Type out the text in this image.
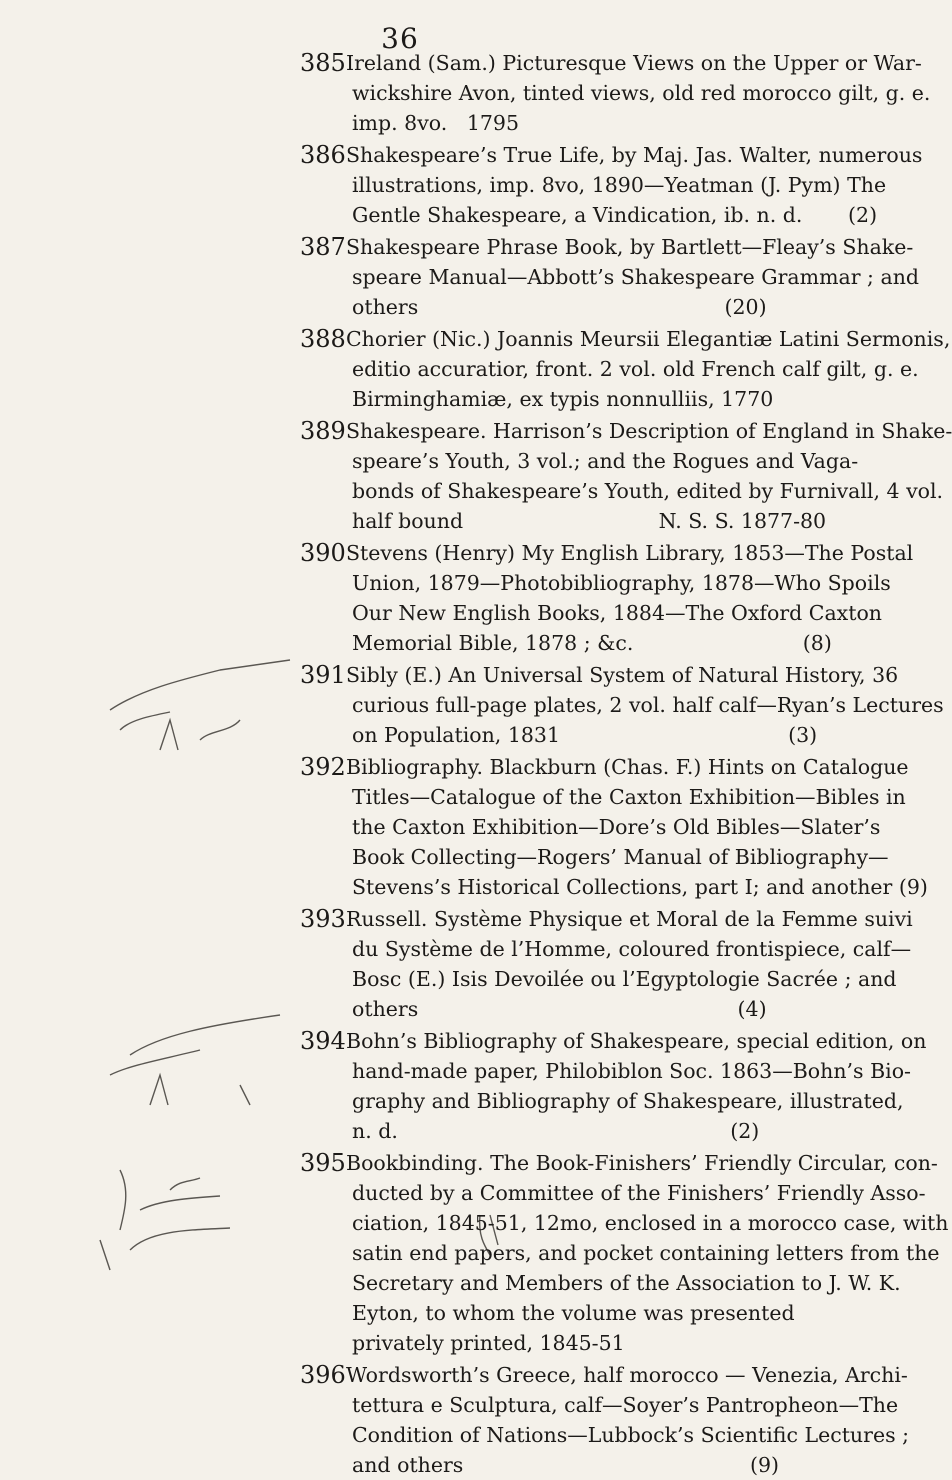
36
385 Ireland (Sam.) Picturesque Views on the Upper or War-
wickshire Avon, tinted views, old red morocco gilt, g. e.
imp. 8vo.   1795
386 Shakespeare’s True Life, by Maj. Jas. Walter, numerous
illustrations, imp. 8vo, 1890—Yeatman (J. Pym) The
Gentle Shakespeare, a Vindication, ib. n. d.       (2)
387 Shakespeare Phrase Book, by Bartlett—Fleay’s Shake-
speare Manual—Abbott’s Shakespeare Grammar ; and
others                                               (20)
388 Chorier (Nic.) Joannis Meursii Elegantiæ Latini Sermonis,
editio accuratior, front. 2 vol. old French calf gilt, g. e.
Birminghamiæ, ex typis nonnulliis, 1770
389 Shakespeare. Harrison’s Description of England in Shake-
speare’s Youth, 3 vol.; and the Rogues and Vaga-
bonds of Shakespeare’s Youth, edited by Furnivall, 4 vol.
half bound                              N. S. S. 1877-80
390 Stevens (Henry) My English Library, 1853—The Postal
Union, 1879—Photobibliography, 1878—Who Spoils
Our New English Books, 1884—The Oxford Caxton
Memorial Bible, 1878 ; &c.                          (8)
391 Sibly (E.) An Universal System of Natural History, 36
curious full-page plates, 2 vol. half calf—Ryan’s Lectures
on Population, 1831                                   (3)
392 Bibliography. Blackburn (Chas. F.) Hints on Catalogue
Titles—Catalogue of the Caxton Exhibition—Bibles in
the Caxton Exhibition—Dore’s Old Bibles—Slater’s
Book Collecting—Rogers’ Manual of Bibliography—
Stevens’s Historical Collections, part I; and another (9)
393 Russell. Système Physique et Moral de la Femme suivi
du Système de l’Homme, coloured frontispiece, calf—
Bosc (E.) Isis Devoilée ou l’Egyptologie Sacrée ; and
others                                                 (4)
394 Bohn’s Bibliography of Shakespeare, special edition, on
hand-made paper, Philobiblon Soc. 1863—Bohn’s Bio-
graphy and Bibliography of Shakespeare, illustrated,
n. d.                                                   (2)
395 Bookbinding. The Book-Finishers’ Friendly Circular, con-
ducted by a Committee of the Finishers’ Friendly Asso-
ciation, 1845-51, 12mo, enclosed in a morocco case, with
satin end papers, and pocket containing letters from the
Secretary and Members of the Association to J. W. K.
Eyton, to whom the volume was presented
privately printed, 1845-51
396 Wordsworth’s Greece, half morocco — Venezia, Archi-
tettura e Sculptura, calf—Soyer’s Pantropheon—The
Condition of Nations—Lubbock’s Scientific Lectures ;
and others                                            (9)
